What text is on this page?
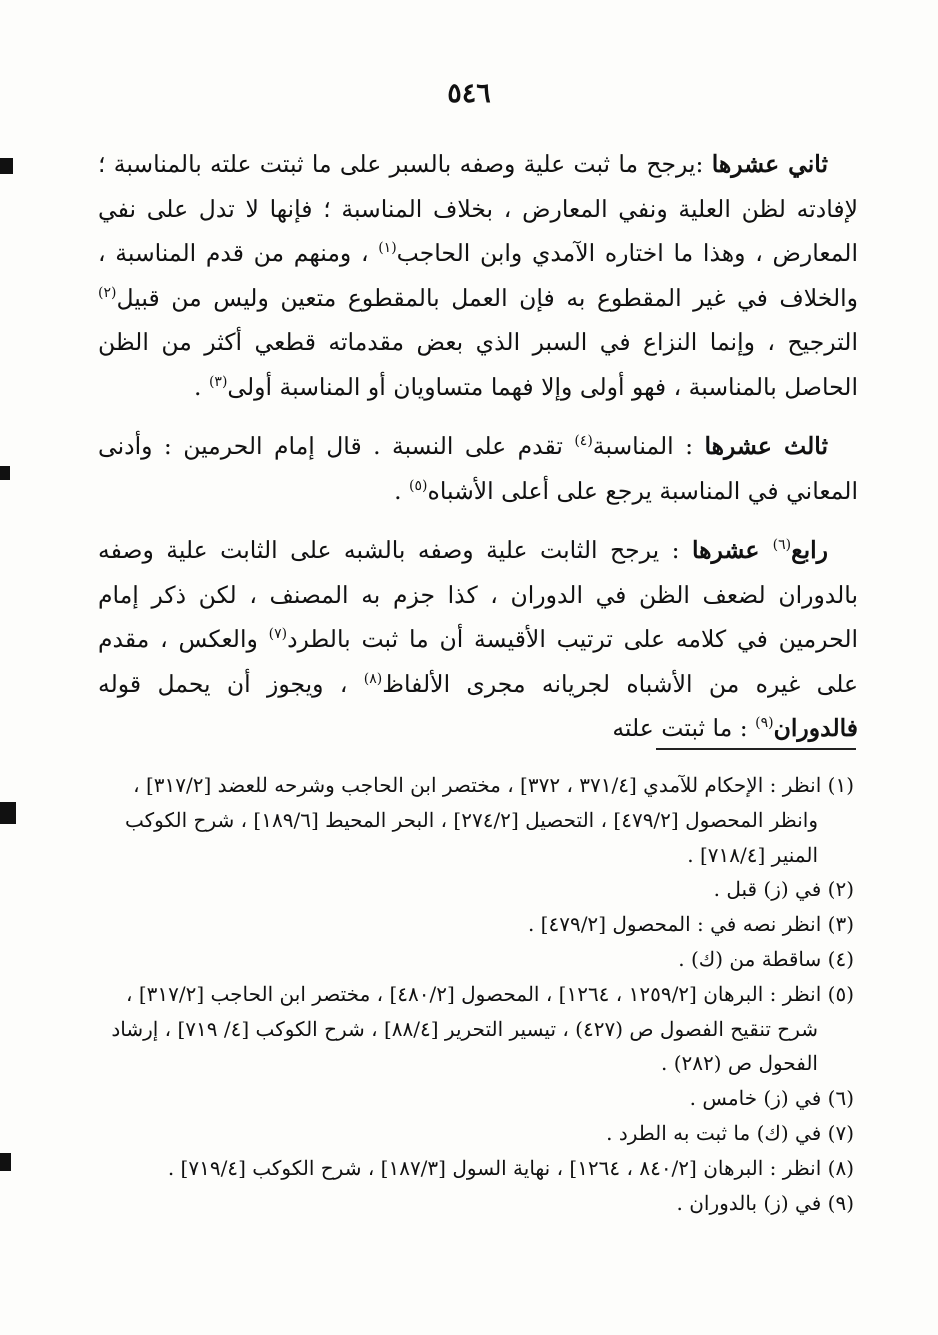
٥٤٦

ثاني عشرها :يرجح ما ثبت علية وصفه بالسبر على ما ثبتت علته بالمناسبة ؛ لإفادته لظن العلية ونفي المعارض ، بخلاف المناسبة ؛ فإنها لا تدل على نفي المعارض ، وهذا ما اختاره الآمدي وابن الحاجب$^{(١)}$ ، ومنهم من قدم المناسبة ، والخلاف في غير المقطوع به فإن العمل بالمقطوع متعين وليس من قبيل$^{(٢)}$ الترجيح ، وإنما النزاع في السبر الذي بعض مقدماته قطعي أكثر من الظن الحاصل بالمناسبة ، فهو أولى وإلا فهما متساويان أو المناسبة أولى$^{(٣)}$ .

ثالث عشرها : المناسبة$^{(٤)}$ تقدم على النسبة . قال إمام الحرمين : وأدنى المعاني في المناسبة يرجع على أعلى الأشباه$^{(٥)}$ .

رابع$^{(٦)}$ عشرها : يرجح الثابت علية وصفه بالشبه على الثابت علية وصفه بالدوران لضعف الظن في الدوران ، كذا جزم به المصنف ، لكن ذكر إمام الحرمين في كلامه على ترتيب الأقيسة أن ما ثبت بالطرد$^{(٧)}$ والعكس ، مقدم على غيره من الأشباه لجريانه مجرى الألفاظ$^{(٨)}$ ، ويجوز أن يحمل قوله فالدوران$^{(٩)}$ : ما ثبتت علته

(١) انظر : الإحكام للآمدي [٣٧١/٤ ، ٣٧٢] ، مختصر ابن الحاجب وشرحه للعضد [٣١٧/٢] ، وانظر المحصول [٤٧٩/٢] ، التحصيل [٢٧٤/٢] ، البحر المحيط [١٨٩/٦] ، شرح الكوكب المنير [٧١٨/٤] .

(٢) في (ز) قبل .

(٣) انظر نصه في : المحصول [٤٧٩/٢] .

(٤) ساقطة من (ك) .

(٥) انظر : البرهان [١٢٥٩/٢ ، ١٢٦٤] ، المحصول [٤٨٠/٢] ، مختصر ابن الحاجب [٣١٧/٢] ، شرح تنقيح الفصول ص (٤٢٧) ، تيسير التحرير [٨٨/٤] ، شرح الكوكب [٤/ ٧١٩] ، إرشاد الفحول ص (٢٨٢) .

(٦) في (ز) خامس .

(٧) في (ك) ما ثبت به الطرد .

(٨) انظر : البرهان [٨٤٠/٢ ، ١٢٦٤] ، نهاية السول [١٨٧/٣] ، شرح الكوكب [٧١٩/٤] .

(٩) في (ز) بالدوران .
